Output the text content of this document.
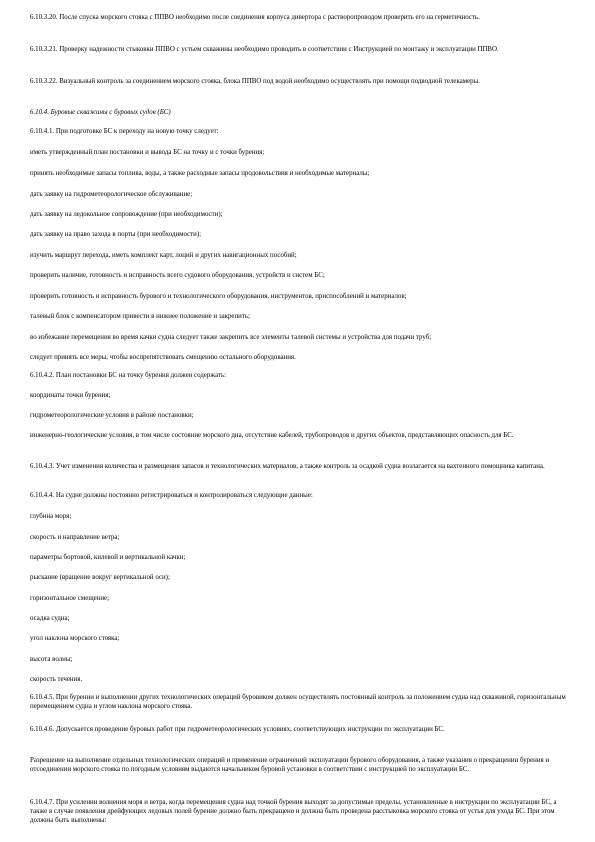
6.10.3.20. После спуска морского стояка с ППВО необходимо после соединения корпуса дивертора с растворопроводом проверить его на герметичность.

6.10.3.21. Проверку надежности стыковки ППВО с устьем скважины необходимо проводить в соответствии с Инструкцией по монтажу и эксплуатации ППВО.

6.10.3.22. Визуальный контроль за соединением морского стояка, блока ППВО под водой необходимо осуществлять при помощи подводной телекамеры.

6.10.4. Буровые скважины с буровых судов (БС)

6.10.4.1. При подготовке БС к переходу на новую точку следует:

иметь утвержденный план постановки и вывода БС на точку и с точки бурения;

принять необходимые запасы топлива, воды, а также расходные запасы продовольствия и необходимые материалы;

дать заявку на гидрометеорологическое обслуживание;

дать заявку на ледокольное сопровождение (при необходимости);

дать заявку на право захода в порты (при необходимости);

изучить маршрут перехода, иметь комплект карт, лоций и других навигационных пособий;

проверить наличие, готовность и исправность всего судового оборудования, устройств и систем БС;

проверить готовность и исправность бурового и технологического оборудования, инструментов, приспособлений и материалов;

талевый блок с компенсатором привести в нижнее положение и закрепить;

во избежание перемещения во время качки судна следует также закрепить все элементы талевой системы и устройства для подачи труб;

следует принять все меры, чтобы воспрепятствовать смещению остального оборудования.

6.10.4.2. План постановки БС на точку бурения должен содержать:

координаты точки бурения;

гидрометеорологические условия в районе постановки;

инженерно-геологические условия, в том числе состояние морского дна, отсутствие кабелей, трубопроводов и других объектов, представляющих опасность для БС.

6.10.4.3. Учет изменения количества и размещения запасов и технологических материалов, а также контроль за осадкой судна возлагается на вахтенного помощника капитана.

6.10.4.4. На судне должны постоянно регистрироваться и контролироваться следующие данные:

глубина моря;

скорость и направление ветра;

параметры бортовой, килевой и вертикальной качки;

рыскание (вращение вокруг вертикальной оси);

горизонтальное смещение;

осадка судна;

угол наклона морского стояка;

высота волны;

скорость течения.

6.10.4.5. При бурении и выполнении других технологических операций буровиком должен осуществлять постоянный контроль за положением судна над скважиной, горизонтальным перемещением судна и углом наклона морского стояка.

6.10.4.6. Допускается проведение буровых работ при гидрометеорологических условиях, соответствующих инструкции по эксплуатации БС.

Разрешение на выполнение отдельных технологических операций и применение ограничений эксплуатации бурового оборудования, а также указания о прекращении бурения и отсоединении морского стояка по погодным условиям выдаются начальником буровой установки в соответствии с инструкцией по эксплуатации БС.

6.10.4.7. При усилении волнения моря и ветра, когда перемещения судна над точкой бурения выходят за допустимые пределы, установленные в инструкции по эксплуатации БС, а также в случае появления дрейфующих ледовых полей бурение должно быть прекращено и должна быть проведена расстыковка морского стояка от устья для ухода БС. При этом должны быть выполнены:
